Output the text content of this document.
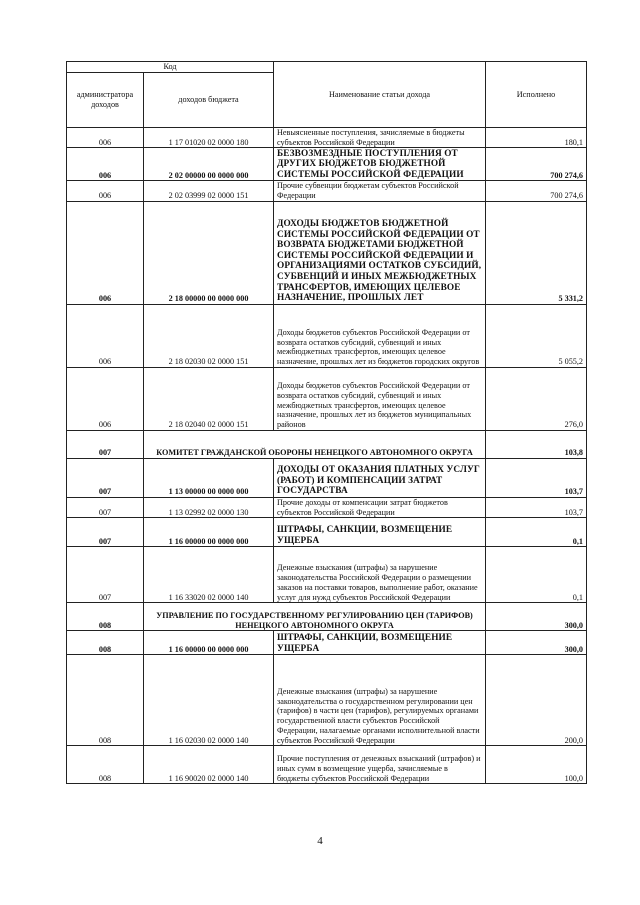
Код		Наименование статьи дохода	Исполнено
администратора доходов	доходов бюджета		
006	1 17 01020 02 0000 180	Невыясненные поступления, зачисляемые в бюджеты субъектов Российской Федерации	180,1
006	2 02 00000 00 0000 000	БЕЗВОЗМЕЗДНЫЕ ПОСТУПЛЕНИЯ ОТ ДРУГИХ БЮДЖЕТОВ БЮДЖЕТНОЙ СИСТЕМЫ РОССИЙСКОЙ ФЕДЕРАЦИИ	700 274,6
006	2 02 03999 02 0000 151	Прочие субвенции бюджетам субъектов Российской Федерации	700 274,6
006	2 18 00000 00 0000 000	ДОХОДЫ БЮДЖЕТОВ БЮДЖЕТНОЙ СИСТЕМЫ РОССИЙСКОЙ ФЕДЕРАЦИИ ОТ ВОЗВРАТА БЮДЖЕТАМИ БЮДЖЕТНОЙ СИСТЕМЫ РОССИЙСКОЙ ФЕДЕРАЦИИ И ОРГАНИЗАЦИЯМИ ОСТАТКОВ СУБСИДИЙ, СУБВЕНЦИЙ И ИНЫХ МЕЖБЮДЖЕТНЫХ ТРАНСФЕРТОВ, ИМЕЮЩИХ ЦЕЛЕВОЕ НАЗНАЧЕНИЕ, ПРОШЛЫХ ЛЕТ	5 331,2
006	2 18 02030 02 0000 151	Доходы бюджетов субъектов Российской Федерации от возврата остатков субсидий, субвенций и иных межбюджетных трансфертов, имеющих целевое назначение, прошлых лет из бюджетов городских округов	5 055,2
006	2 18 02040 02 0000 151	Доходы бюджетов субъектов Российской Федерации от возврата остатков субсидий, субвенций и иных межбюджетных трансфертов, имеющих целевое назначение, прошлых лет из бюджетов муниципальных районов	276,0
007	КОМИТЕТ ГРАЖДАНСКОЙ ОБОРОНЫ НЕНЕЦКОГО АВТОНОМНОГО ОКРУГА		103,8
007	1 13 00000 00 0000 000	ДОХОДЫ ОТ ОКАЗАНИЯ ПЛАТНЫХ УСЛУГ (РАБОТ) И КОМПЕНСАЦИИ ЗАТРАТ ГОСУДАРСТВА	103,7
007	1 13 02992 02 0000 130	Прочие доходы от компенсации затрат бюджетов субъектов Российской Федерации	103,7
007	1 16 00000 00 0000 000	ШТРАФЫ, САНКЦИИ, ВОЗМЕЩЕНИЕ УЩЕРБА	0,1
007	1 16 33020 02 0000 140	Денежные взыскания (штрафы) за нарушение законодательства Российской Федерации о размещении заказов на поставки товаров, выполнение работ, оказание услуг для нужд субъектов Российской Федерации	0,1
008	УПРАВЛЕНИЕ ПО ГОСУДАРСТВЕННОМУ РЕГУЛИРОВАНИЮ ЦЕН (ТАРИФОВ) НЕНЕЦКОГО АВТОНОМНОГО ОКРУГА		300,0
008	1 16 00000 00 0000 000	ШТРАФЫ, САНКЦИИ, ВОЗМЕЩЕНИЕ УЩЕРБА	300,0
008	1 16 02030 02 0000 140	Денежные взыскания (штрафы) за нарушение законодательства о государственном регулировании цен (тарифов) в части цен (тарифов), регулируемых органами государственной власти субъектов Российской Федерации, налагаемые органами исполнительной власти субъектов Российской Федерации	200,0
008	1 16 90020 02 0000 140	Прочие поступления от денежных взысканий (штрафов) и иных сумм в возмещение ущерба, зачисляемые в бюджеты субъектов Российской Федерации	100,0
4
